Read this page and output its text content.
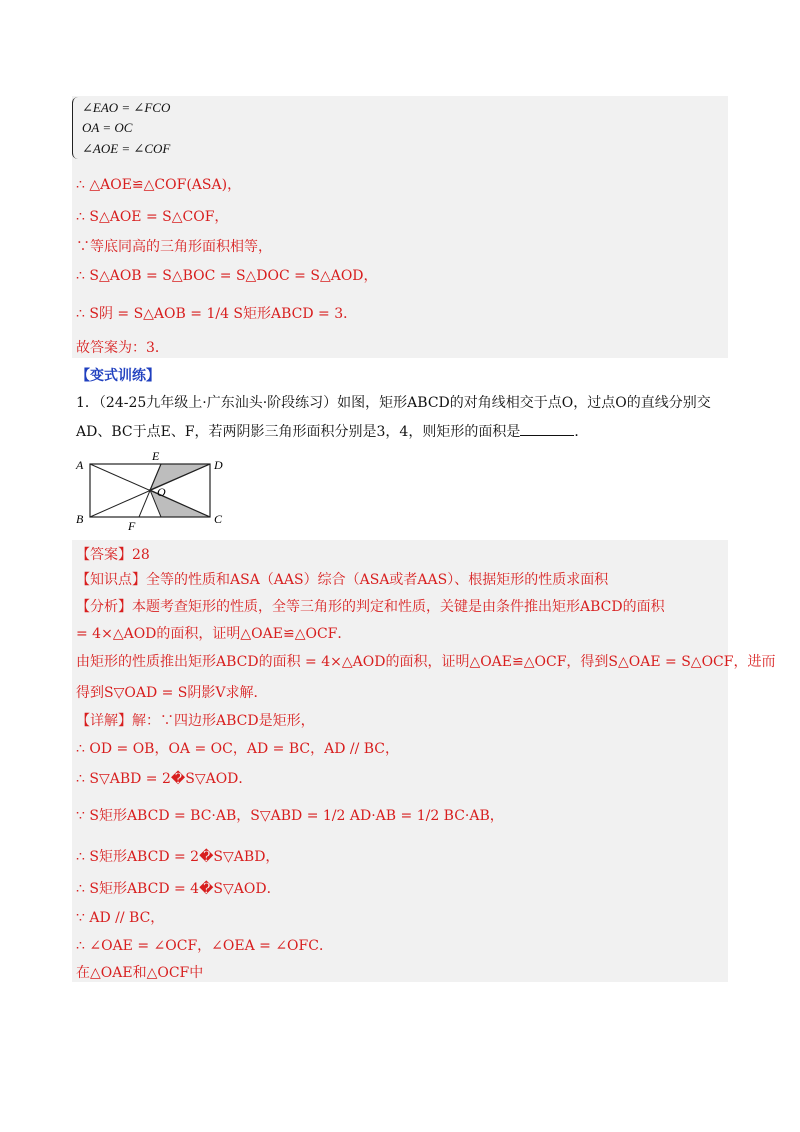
∠EAO = ∠FCO
OA = OC
∠AOE = ∠COF
∴ △AOE≌△COF(ASA)，
∴ S△AOE = S△COF，
∵等底同高的三角形面积相等，
∴ S△AOB = S△BOC = S△DOC = S△AOD，
∴ S阴 = S△AOB = 1/4 S矩形ABCD = 3．
故答案为：3．
【变式训练】
1．（24-25九年级上·广东汕头·阶段练习）如图，矩形ABCD的对角线相交于点O，过点O的直线分别交
AD、BC于点E、F，若两阴影三角形面积分别是3，4，则矩形的面积是	．
A
B	C
D
E
F
O
【答案】28
【知识点】全等的性质和ASA（AAS）综合（ASA或者AAS）、根据矩形的性质求面积
【分析】本题考查矩形的性质，全等三角形的判定和性质，关键是由条件推出矩形ABCD的面积
= 4×△AOD的面积，证明△OAE≌△OCF．
由矩形的性质推出矩形ABCD的面积 = 4×△AOD的面积，证明△OAE≌△OCF，得到S△OAE = S△OCF，进而
得到S▽OAD = S阴影V求解．
【详解】解：∵四边形ABCD是矩形，
∴ OD = OB，OA = OC，AD = BC，AD // BC，
∴ S▽ABD = 2�S▽AOD．
∵ S矩形ABCD = BC·AB，S▽ABD = 1/2 AD·AB = 1/2 BC·AB，
∴ S矩形ABCD = 2�S▽ABD，
∴ S矩形ABCD = 4�S▽AOD．
∵ AD // BC，
∴ ∠OAE = ∠OCF，∠OEA = ∠OFC．
在△OAE和△OCF中
